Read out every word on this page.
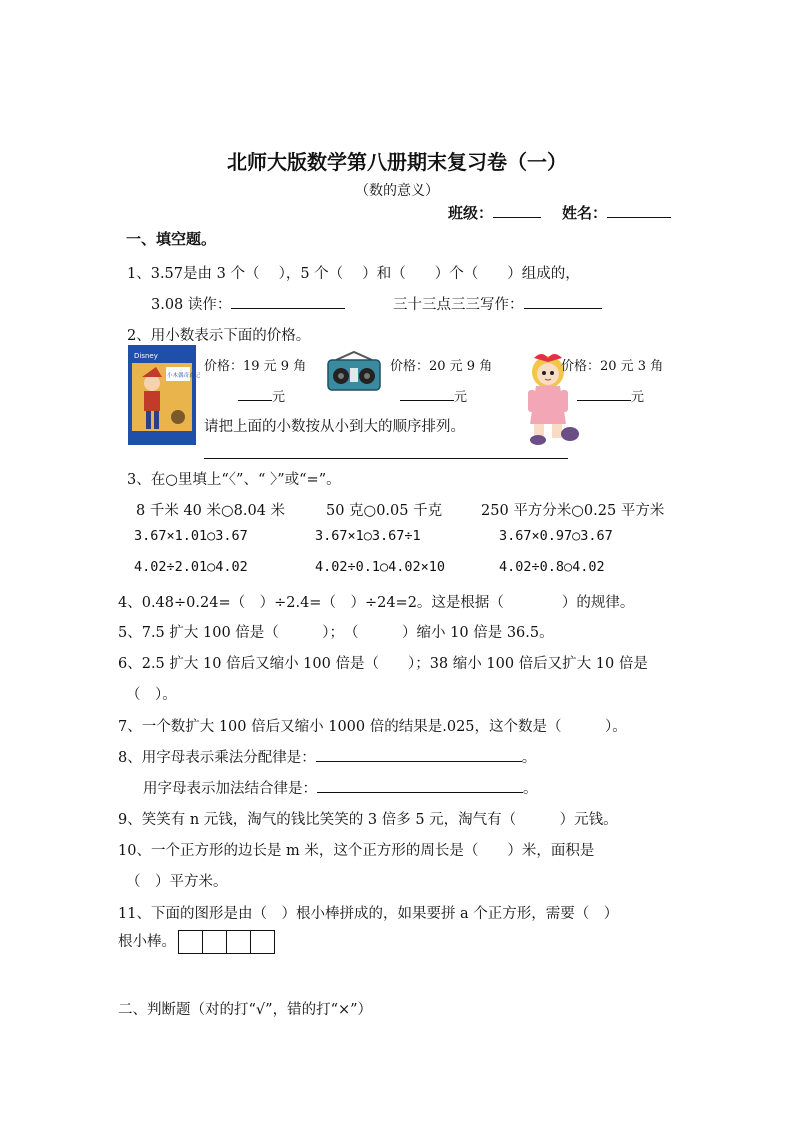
北师大版数学第八册期末复习卷（一）
（数的意义）
班级：	姓名：
一、填空题。
1、3.57是由 3 个（　 ），5 个（　 ）和（　　）个（　　）组成的，
3.08 读作：	三十三点三三写作：
2、用小数表示下面的价格。
Disney
小木偶奇遇记
价格：19 元 9 角
元
价格：20 元 9 角
元
价格：20 元 3 角
元
请把上面的小数按从小到大的顺序排列。
3、在○里填上“〈”、“ 〉”或“=”。
8 千米 40 米○8.04 米	50 克○0.05 千克	250 平方分米○0.25 平方米
3.67×1.01○3.67	3.67×1○3.67÷1	3.67×0.97○3.67
4.02÷2.01○4.02	4.02÷0.1○4.02×10	4.02÷0.8○4.02
4、0.48÷0.24=（　）÷2.4=（　）÷24=2。这是根据（　　　　）的规律。
5、7.5 扩大 100 倍是（　　　）；　（　　　）缩小 10 倍是 36.5。
6、2.5 扩大 10 倍后又缩小 100 倍是（　　）；38 缩小 100 倍后又扩大 10 倍是
（　）。
7、一个数扩大 100 倍后又缩小 1000 倍的结果是.025，这个数是（　　　）。
8、用字母表示乘法分配律是：	。
用字母表示加法结合律是：	。
9、笑笑有 n 元钱，淘气的钱比笑笑的 3 倍多 5 元，淘气有（　　　）元钱。
10、一个正方形的边长是 m 米，这个正方形的周长是（　　）米，面积是
（　）平方米。
11、下面的图形是由（　）根小棒拼成的，如果要拼 a 个正方形，需要（　）
根小棒。
二、判断题（对的打“√”，错的打“×”）
